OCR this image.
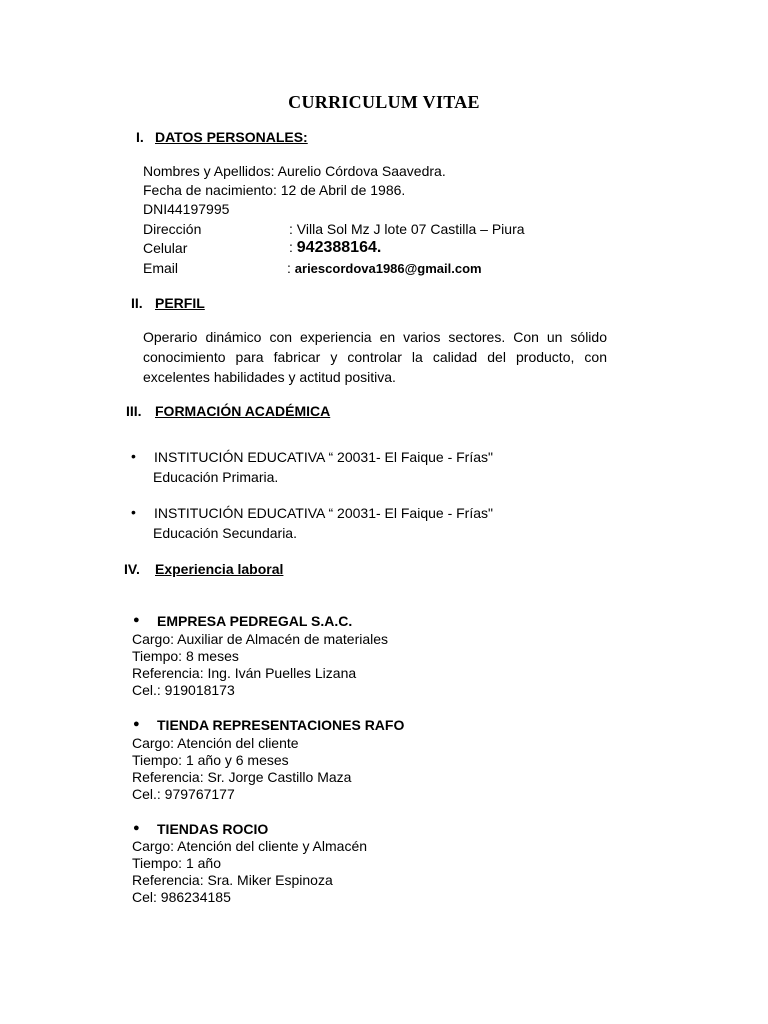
CURRICULUM VITAE
I. DATOS PERSONALES:
Nombres y Apellidos: Aurelio Córdova Saavedra.
Fecha de nacimiento: 12 de Abril de 1986.
DNI44197995
Dirección	: Villa Sol Mz J lote 07 Castilla – Piura
Celular	: 942388164.
Email	: ariescordova1986@gmail.com
II. PERFIL
Operario dinámico con experiencia en varios sectores. Con un sólido conocimiento para fabricar y controlar la calidad del producto, con excelentes habilidades y actitud positiva.
III. FORMACIÓN ACADÉMICA
• INSTITUCIÓN EDUCATIVA “ 20031- El Faique - Frías"
Educación Primaria.
• INSTITUCIÓN EDUCATIVA “ 20031- El Faique - Frías"
Educación Secundaria.
IV. Experiencia laboral
● EMPRESA PEDREGAL S.A.C.
Cargo: Auxiliar de Almacén de materiales
Tiempo: 8 meses
Referencia: Ing. Iván Puelles Lizana
Cel.: 919018173
● TIENDA REPRESENTACIONES RAFO
Cargo: Atención del cliente
Tiempo: 1 año y 6 meses
Referencia: Sr. Jorge Castillo Maza
Cel.: 979767177
● TIENDAS ROCIO
Cargo: Atención del cliente y Almacén
Tiempo: 1 año
Referencia: Sra. Miker Espinoza
Cel: 986234185
